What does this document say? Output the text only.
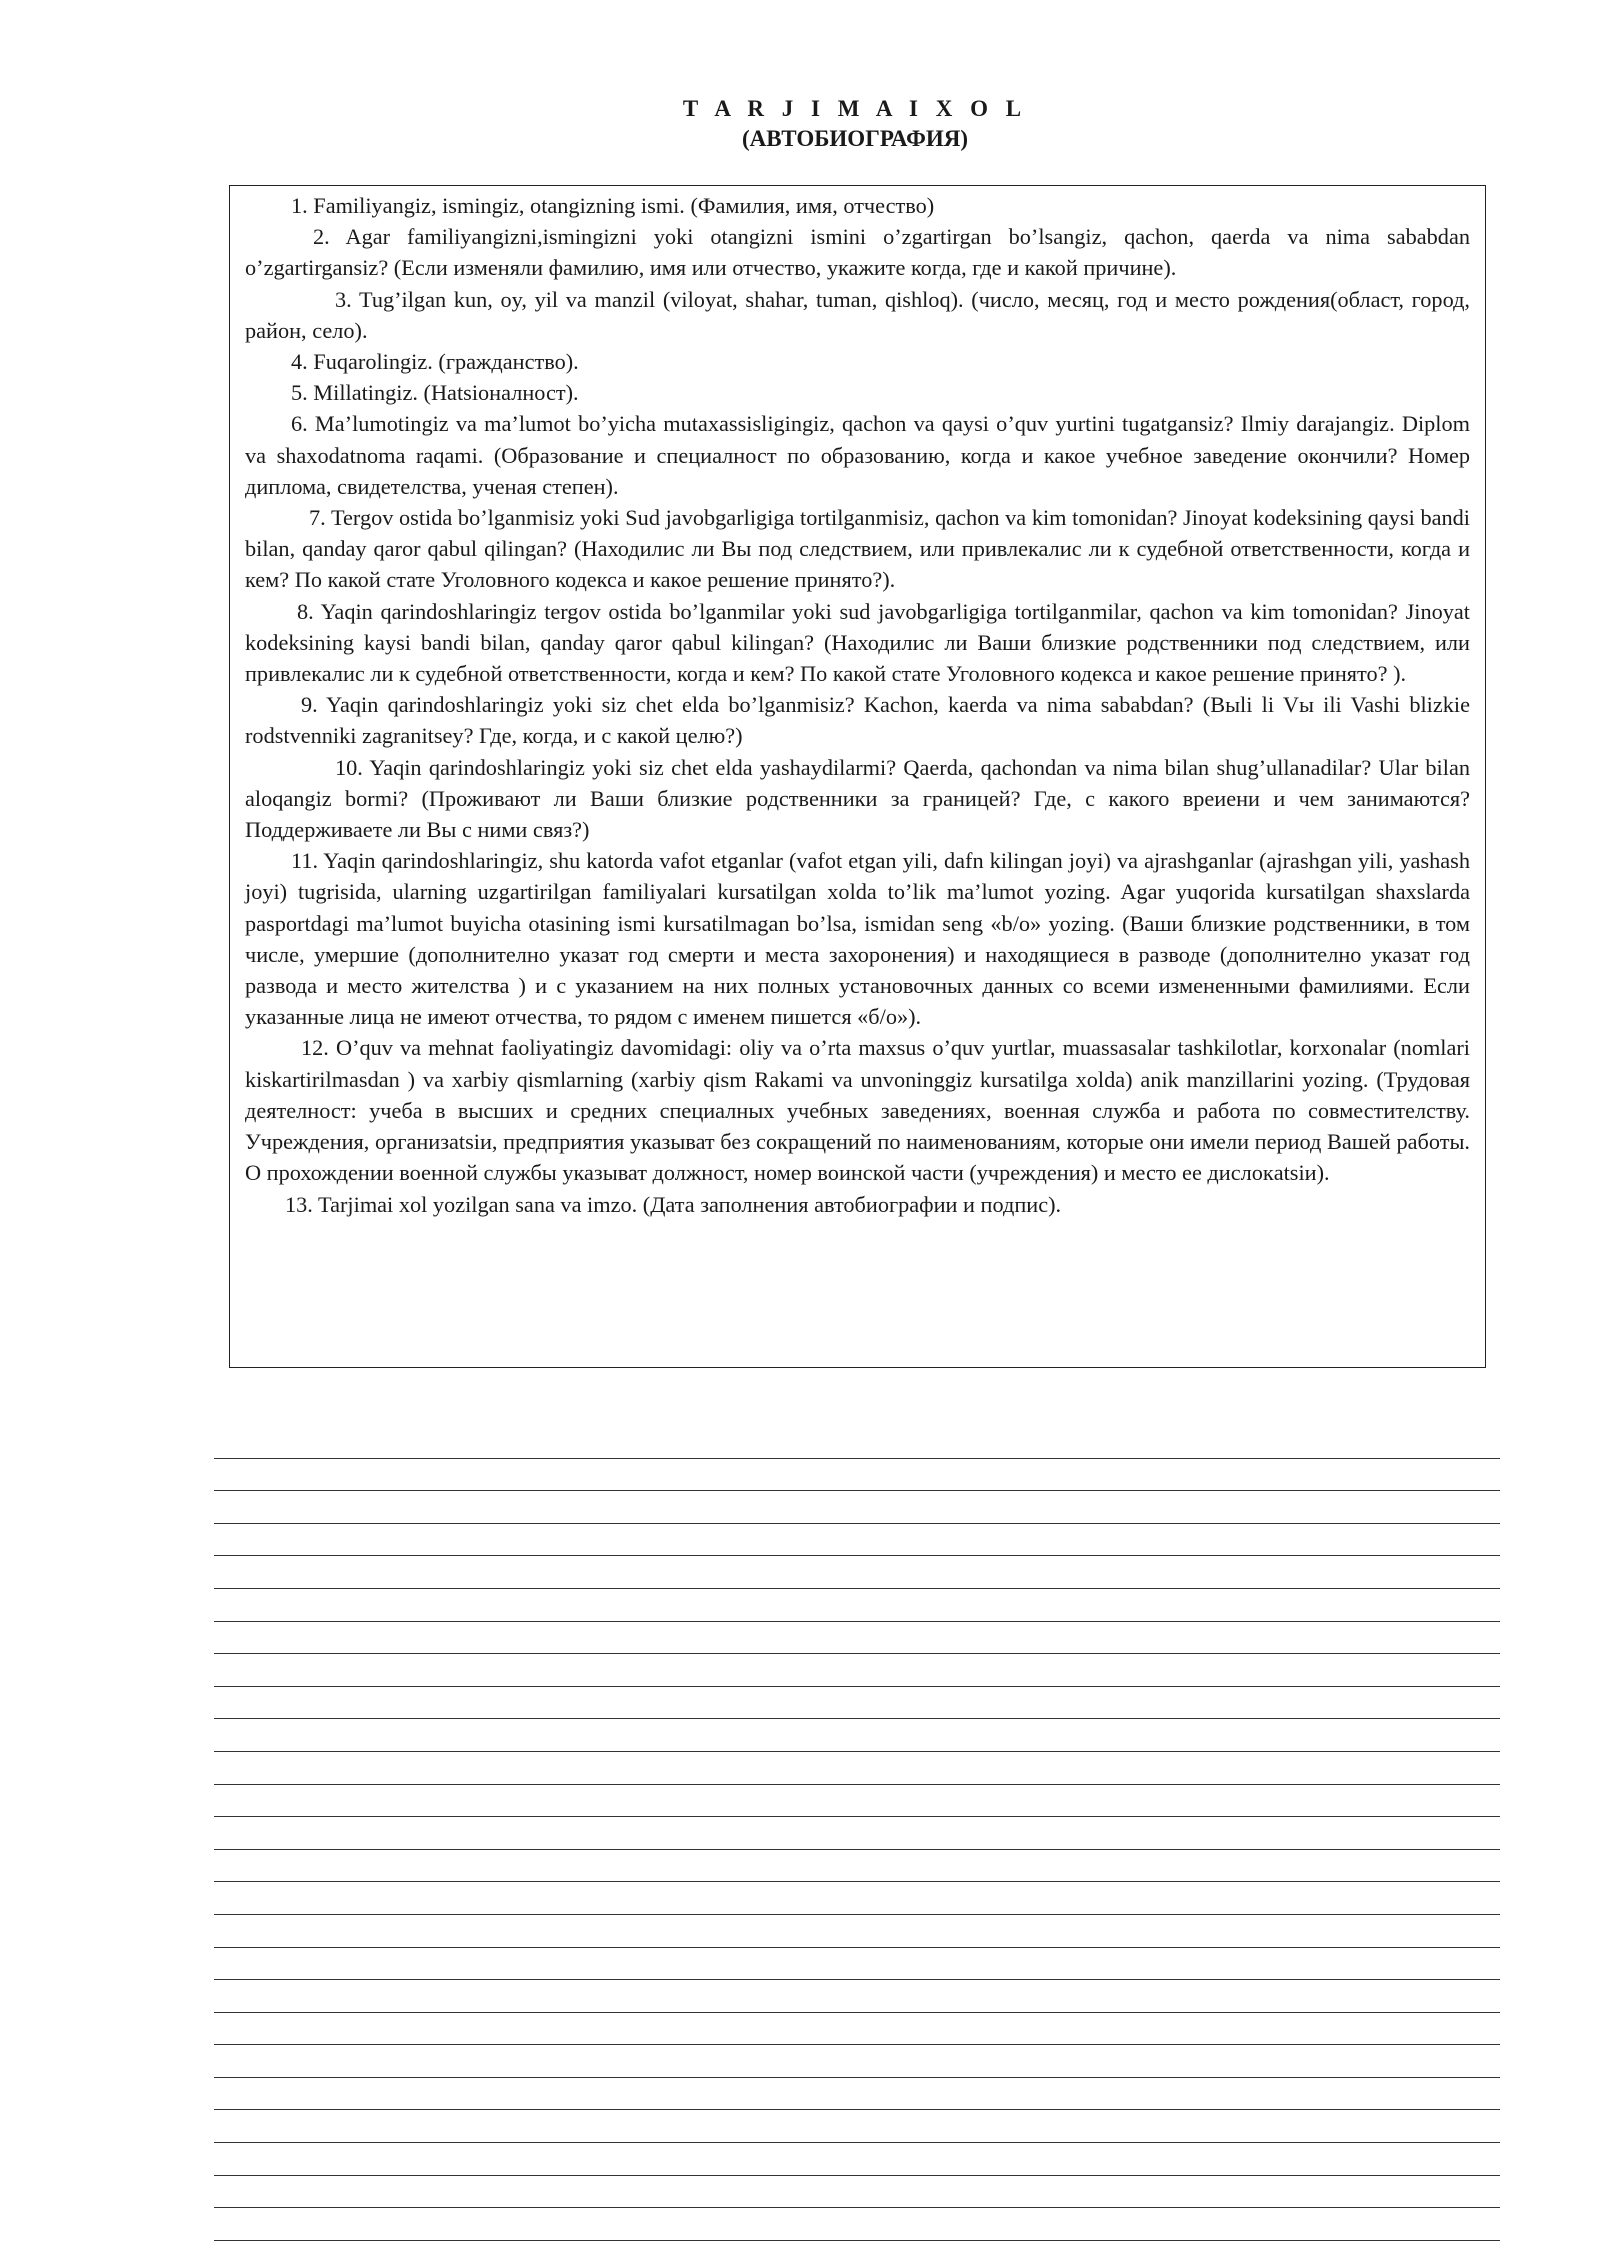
T A R J I M A I X O L
(АВТОБИОГРАФИЯ)

1. Familiyangiz, ismingiz, otangizning ismi. (Фамилия, имя, отчество)

2. Agar familiyangizni,ismingizni yoki otangizni ismini o’zgartirgan bo’lsangiz, qachon, qaerda va nima sababdan o’zgartirgansiz? (Если изменяли фамилию, имя или отчество, укажите когда, где и какой причине).

3. Tug’ilgan kun, oy, yil va manzil (viloyat, shahar, tuman, qishloq). (число, месяц, год и место рождения(област, город, район, село).

4. Fuqarolingiz. (гражданство).

5. Millatingiz. (Hatsioналност).

6. Ma’lumotingiz va ma’lumot bo’yicha mutaxassisligingiz, qachon va qaysi o’quv yurtini tugatgansiz? Ilmiy darajangiz. Diplom va shaxodatnoma raqami. (Образование и специалност по образованию, когда и какое учебное заведение окончили? Номер диплома, свидетелства, ученая степен).

7. Tergov ostida bo’lganmisiz yoki Sud javobgarligiga tortilganmisiz, qachon va kim tomonidan? Jinoyat kodeksining qaysi bandi bilan, qanday qaror qabul qilingan? (Находилис ли Вы под следствием, или привлекалис ли к судебной ответственности, когда и кем? По какой стате Уголовного кодекса и какое решение принято?).

8. Yaqin qarindoshlaringiz tergov ostida bo’lganmilar yoki sud javobgarligiga tortilganmilar, qachon va kim tomonidan? Jinoyat kodeksining kaysi bandi bilan, qanday qaror qabul kilingan? (Находилис ли Ваши близкие родственники под следствием, или привлекалис ли к судебной ответственности, когда и кем? По какой стате Уголовного кодекса и какое решение принято? ).

9. Yaqin qarindoshlaringiz yoki siz chet elda bo’lganmisiz? Kachon, kaerda va nima sababdan? (Выli li Vы ili Vashi blizkie rodstvenniki zagranitsey? Где, когда, и с какой целю?)

10. Yaqin qarindoshlaringiz yoki siz chet elda yashaydilarmi? Qaerda, qachondan va nima bilan shug’ullanadilar? Ular bilan aloqangiz bormi? (Проживают ли Ваши близкие родственники за границей? Где, с какого вреиени и чем занимаются? Поддерживаете ли Вы с ними связ?)

11. Yaqin qarindoshlaringiz, shu katorda vafot etganlar (vafot etgan yili, dafn kilingan joyi) va ajrashganlar (ajrashgan yili, yashash joyi) tugrisida, ularning uzgartirilgan familiyalari kursatilgan xolda to’lik ma’lumot yozing. Agar yuqorida kursatilgan shaxslarda pasportdagi ma’lumot buyicha otasining ismi kursatilmagan bo’lsa, ismidan seng «b/o» yozing. (Ваши близкие родственники, в том числе, умершие (дополнително указат год смерти и места захоронения) и находящиеся в разводе (дополнително указат год развода и место жителства ) и с указанием на них полных установочных данных со всеми измененными фамилиями. Если указанные лица не имеют отчества, то рядом с именем пишется «б/о»).

12. O’quv va mehnat faoliyatingiz davomidagi: oliy va o’rta maxsus o’quv yurtlar, muassasalar tashkilotlar, korxonalar (nomlari kiskartirilmasdan ) va xarbiy qismlarning (xarbiy qism Rakami va unvoninggiz kursatilga xolda) anik manzillarini yozing. (Трудовая деятелност: учеба в высших и средних специалных учебных заведениях, военная служба и работа по совместителству. Учреждения, организatsiи, предприятия указыват без сокращений по наименованиям, которые они имели период Вашей работы. О прохождении военной службы указыват должност, номер воинской части (учреждения) и место ее дислокatsiи).

13. Tarjimai xol yozilgan sana va imzo. (Дата заполнения автобиографии и подпис).
